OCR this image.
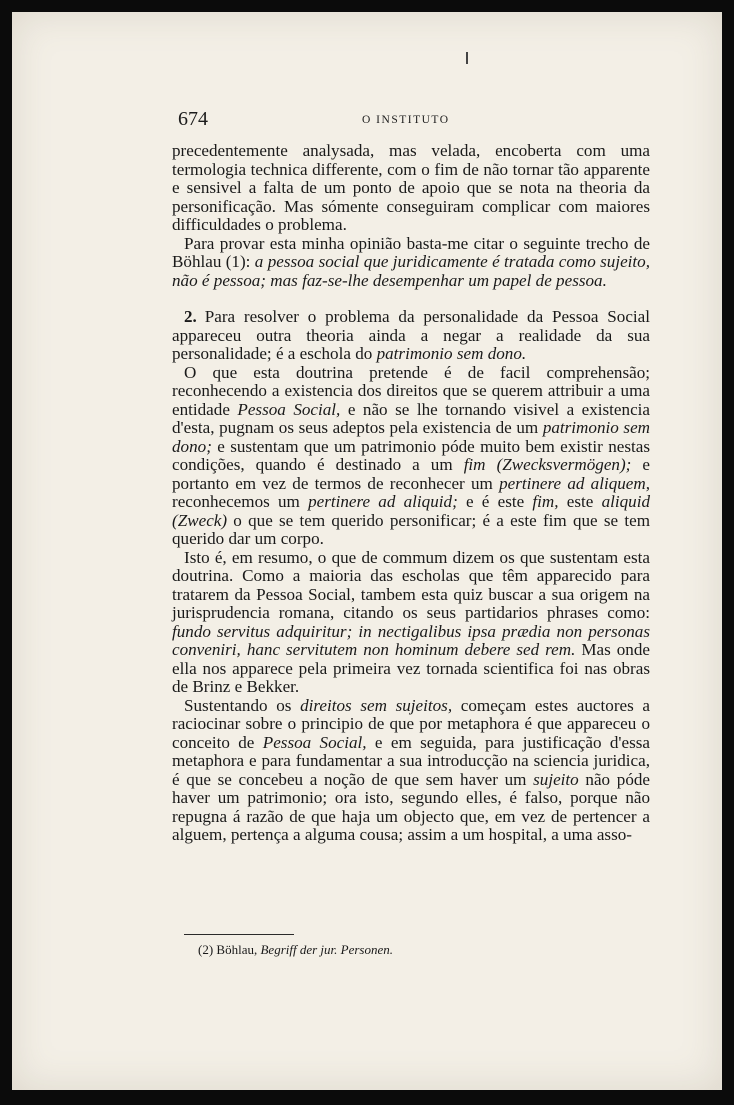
674	O INSTITUTO

precedentemente analysada, mas velada, encoberta com uma termologia technica differente, com o fim de não tornar tão apparente e sensivel a falta de um ponto de apoio que se nota na theoria da personificação. Mas sómente conseguiram complicar com maiores difficuldades o problema.

Para provar esta minha opinião basta-me citar o seguinte trecho de Böhlau (1): a pessoa social que juridicamente é tratada como sujeito, não é pessoa; mas faz-se-lhe desempenhar um papel de pessoa.

2. Para resolver o problema da personalidade da Pessoa Social appareceu outra theoria ainda a negar a realidade da sua personalidade; é a eschola do patrimonio sem dono.

O que esta doutrina pretende é de facil comprehensão; reconhecendo a existencia dos direitos que se querem attribuir a uma entidade Pessoa Social, e não se lhe tornando visivel a existencia d'esta, pugnam os seus adeptos pela existencia de um patrimonio sem dono; e sustentam que um patrimonio póde muito bem existir nestas condições, quando é destinado a um fim (Zwecksvermögen); e portanto em vez de termos de reconhecer um pertinere ad aliquem, reconhecemos um pertinere ad aliquid; e é este fim, este aliquid (Zweck) o que se tem querido personificar; é a este fim que se tem querido dar um corpo.

Isto é, em resumo, o que de commum dizem os que sustentam esta doutrina. Como a maioria das escholas que têm apparecido para tratarem da Pessoa Social, tambem esta quiz buscar a sua origem na jurisprudencia romana, citando os seus partidarios phrases como: fundo servitus adquiritur; in nectigalibus ipsa prædia non personas conveniri, hanc servitutem non hominum debere sed rem. Mas onde ella nos apparece pela primeira vez tornada scientifica foi nas obras de Brinz e Bekker.

Sustentando os direitos sem sujeitos, começam estes auctores a raciocinar sobre o principio de que por metaphora é que appareceu o conceito de Pessoa Social, e em seguida, para justificação d'essa metaphora e para fundamentar a sua introducção na sciencia juridica, é que se concebeu a noção de que sem haver um sujeito não póde haver um patrimonio; ora isto, segundo elles, é falso, porque não repugna á razão de que haja um objecto que, em vez de pertencer a alguem, pertença a alguma cousa; assim a um hospital, a uma asso-

(2) Böhlau, Begriff der jur. Personen.
